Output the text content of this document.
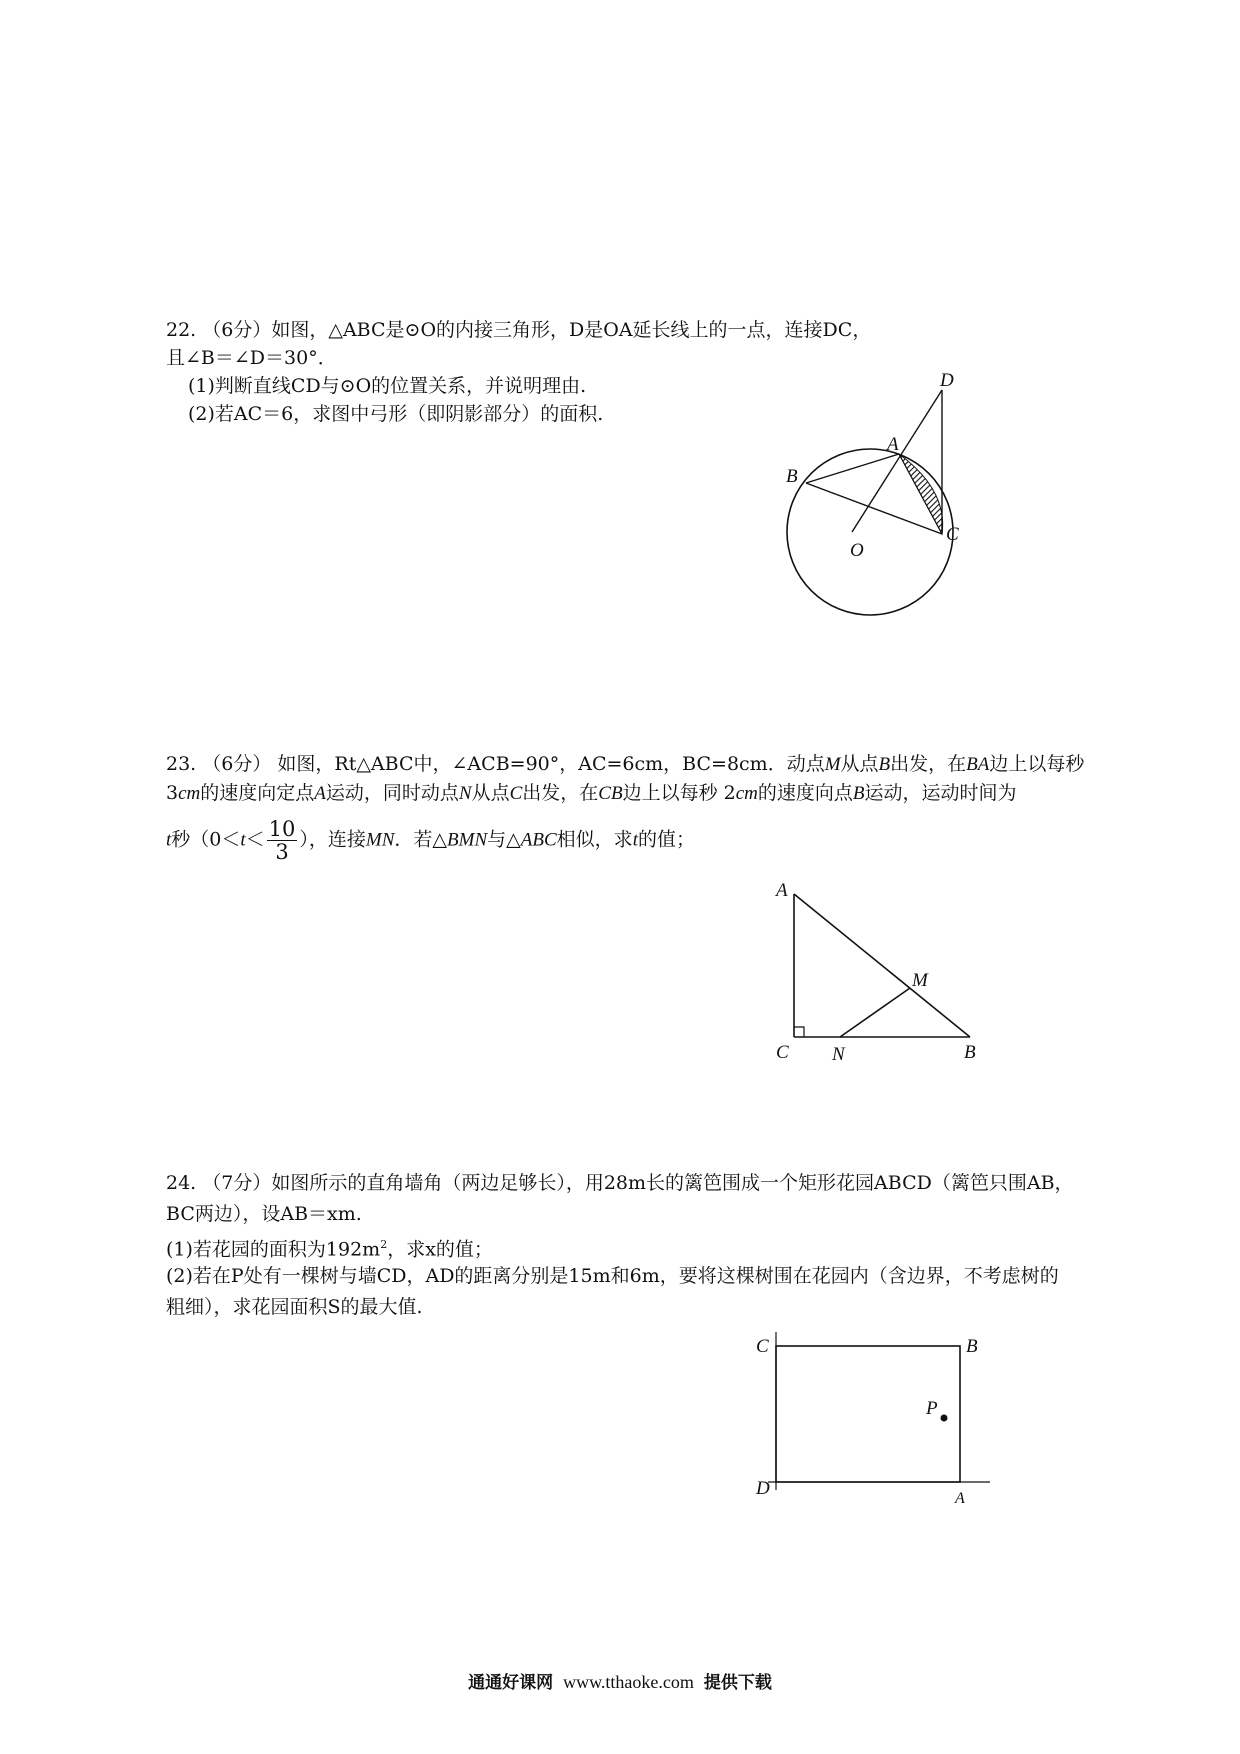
22. （6分）如图，△ABC是⊙O的内接三角形，D是OA延长线上的一点，连接DC，
且∠B＝∠D＝30°．
(1)判断直线CD与⊙O的位置关系，并说明理由.
(2)若AC＝6，求图中弓形（即阴影部分）的面积.
D
A
B
C
O
23. （6分） 如图，Rt△ABC中，∠ACB=90°，AC=6cm，BC=8cm．动点M从点B出发，在BA边上以每秒
3cm的速度向定点A运动，同时动点N从点C出发，在CB边上以每秒 2cm的速度向点B运动，运动时间为
t秒（$0<t< \frac{10}{3}$ ），连接MN．若△BMN与△ABC相似，求t的值；
A
M
C N	B
24. （7分）如图所示的直角墙角（两边足够长），用28m长的篱笆围成一个矩形花园ABCD（篱笆只围AB，
BC两边），设AB＝xm.
(1)若花园的面积为$192m^2$，求x的值；
(2)若在P处有一棵树与墙CD，AD的距离分别是15m和6m，要将这棵树围在花园内（含边界，不考虑树的
粗细），求花园面积S的最大值.
C	B
P
D	A
通通好课网 www.tthaoke.com 提供下载
